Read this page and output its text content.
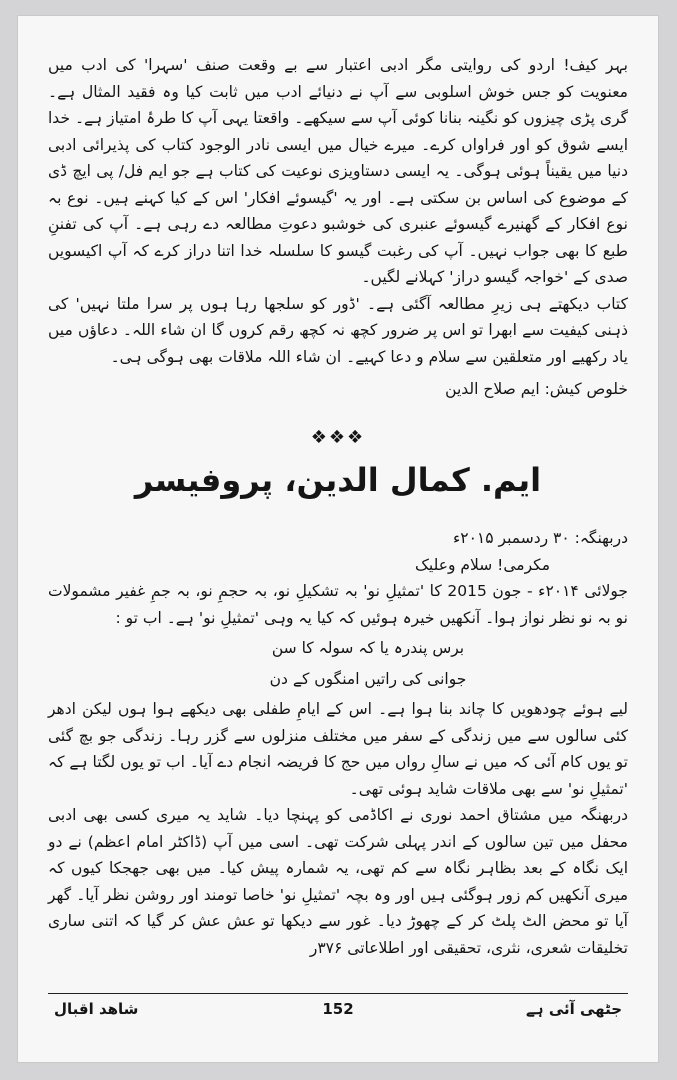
بہر کیف! اردو کی روایتی مگر ادبی اعتبار سے بے وقعت صنف 'سہرا' کی ادب میں معنویت کو جس خوش اسلوبی سے آپ نے دنیائے ادب میں ثابت کیا وہ فقید المثال ہے۔ گری پڑی چیزوں کو نگینہ بنانا کوئی آپ سے سیکھے۔ واقعتا یہی آپ کا طرۂ امتیاز ہے۔ خدا ایسے شوق کو اور فراواں کرے۔ میرے خیال میں ایسی نادر الوجود کتاب کی پذیرائی ادبی دنیا میں یقیناً ہوئی ہوگی۔ یہ ایسی دستاویزی نوعیت کی کتاب ہے جو ایم فل/ پی ایچ ڈی کے موضوع کی اساس بن سکتی ہے۔ اور یہ 'گیسوئے افکار' اس کے کیا کہنے ہیں۔ نوع بہ نوع افکار کے گھنیرے گیسوئے عنبری کی خوشبو دعوتِ مطالعہ دے رہی ہے۔ آپ کی تفننِ طبع کا بھی جواب نہیں۔ آپ کی رغبت گیسو کا سلسلہ خدا اتنا دراز کرے کہ آپ اکیسویں صدی کے 'خواجہ گیسو دراز' کہلانے لگیں۔

کتاب دیکھتے ہی زیرِ مطالعہ آگئی ہے۔ 'ڈور کو سلجھا رہا ہوں پر سرا ملتا نہیں' کی ذہنی کیفیت سے ابھرا تو اس پر ضرور کچھ نہ کچھ رقم کروں گا ان شاء اللہ۔ دعاؤں میں یاد رکھیے اور متعلقین سے سلام و دعا کہیے۔ ان شاء اللہ ملاقات بھی ہوگی ہی۔

خلوص کیش: ایم صلاح الدین

❖❖❖
ایم. کمال الدین، پروفیسر

دربھنگہ: ۳۰ ردسمبر ۲۰۱۵ء

مکرمی! سلام وعلیک

جولائی ۲۰۱۴ء - جون 2015 کا 'تمثیلِ نو' بہ تشکیلِ نو، بہ حجمِ نو، بہ جمِ غفیر مشمولات نو بہ نو نظر نواز ہوا۔ آنکھیں خیرہ ہوئیں کہ کیا یہ وہی 'تمثیلِ نو' ہے۔ اب تو :

برس پندرہ یا کہ سولہ کا سن

جوانی کی راتیں امنگوں کے دن

لیے ہوئے چودھویں کا چاند بنا ہوا ہے۔ اس کے ایامِ طفلی بھی دیکھے ہوا ہوں لیکن ادھر کئی سالوں سے میں زندگی کے سفر میں مختلف منزلوں سے گزر رہا۔ زندگی جو بچ گئی تو یوں کام آئی کہ میں نے سالِ رواں میں حج کا فریضہ انجام دے آیا۔ اب تو یوں لگتا ہے کہ 'تمثیلِ نو' سے بھی ملاقات شاید ہوئی تھی۔

دربھنگہ میں مشتاق احمد نوری نے اکاڈمی کو پہنچا دیا۔ شاید یہ میری کسی بھی ادبی محفل میں تین سالوں کے اندر پہلی شرکت تھی۔ اسی میں آپ (ڈاکٹر امام اعظم) نے دو ایک نگاہ کے بعد بظاہر نگاہ سے کم تھی، یہ شمارہ پیش کیا۔ میں بھی جھجکا کیوں کہ میری آنکھیں کم زور ہوگئی ہیں اور وہ بچہ 'تمثیلِ نو' خاصا تومند اور روشن نظر آیا۔ گھر آیا تو محض الٹ پلٹ کر کے چھوڑ دیا۔ غور سے دیکھا تو عش عش کر گیا کہ اتنی ساری تخلیقات شعری، نثری، تحقیقی اور اطلاعاتی ۳۷۶ر

جٹھی آئی ہے
152
شاهد اقبال
